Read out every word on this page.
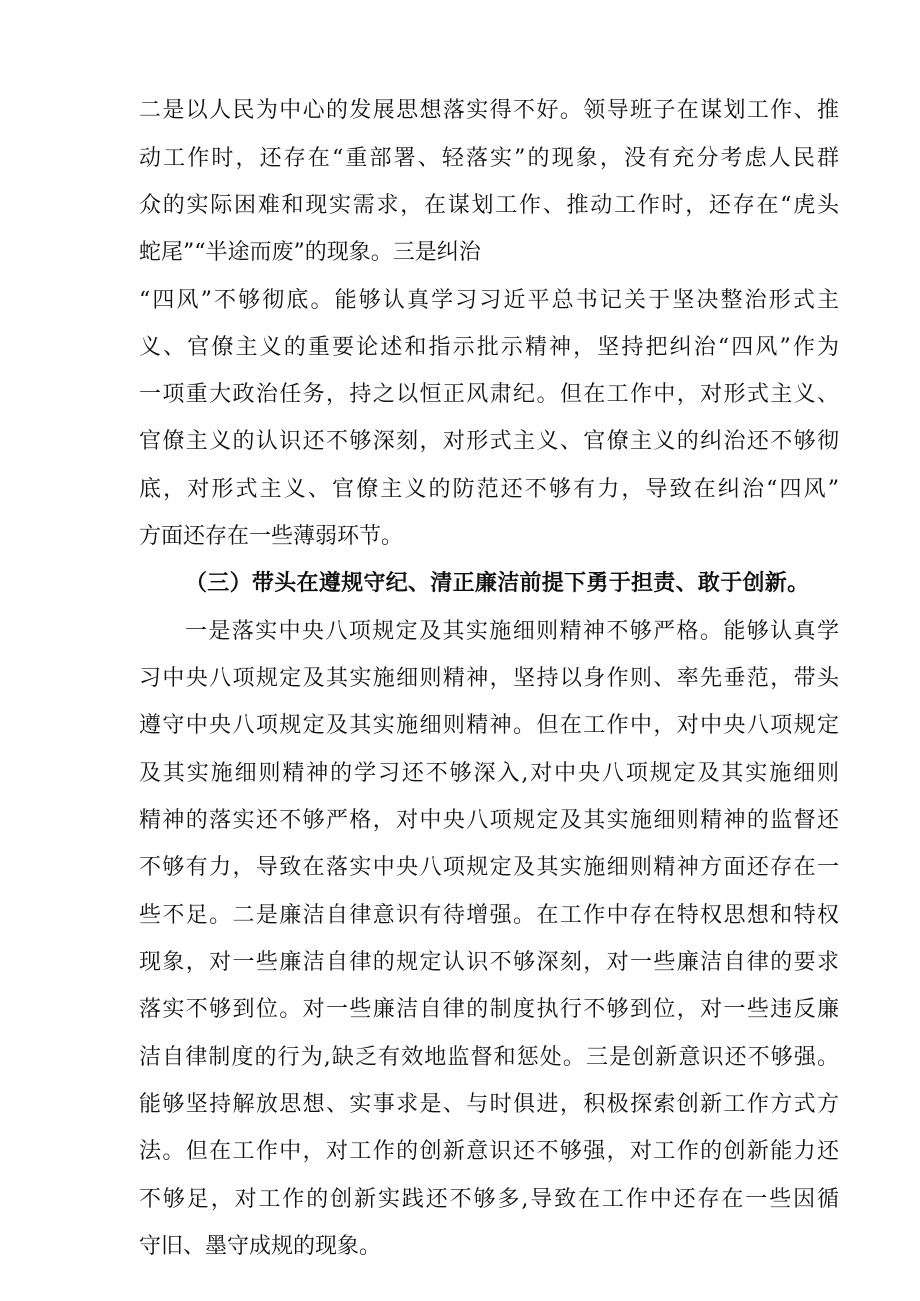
二是以人民为中心的发展思想落实得不好。领导班子在谋划工作、推
动工作时，还存在“重部署、轻落实”的现象，没有充分考虑人民群
众的实际困难和现实需求，在谋划工作、推动工作时，还存在“虎头
蛇尾”“半途而废”的现象。三是纠治
“四风”不够彻底。能够认真学习习近平总书记关于坚决整治形式主
义、官僚主义的重要论述和指示批示精神，坚持把纠治“四风”作为
一项重大政治任务，持之以恒正风肃纪。但在工作中，对形式主义、
官僚主义的认识还不够深刻，对形式主义、官僚主义的纠治还不够彻
底，对形式主义、官僚主义的防范还不够有力，导致在纠治“四风”
方面还存在一些薄弱环节。
（三）带头在遵规守纪、清正廉洁前提下勇于担责、敢于创新。
一是落实中央八项规定及其实施细则精神不够严格。能够认真学
习中央八项规定及其实施细则精神，坚持以身作则、率先垂范，带头
遵守中央八项规定及其实施细则精神。但在工作中，对中央八项规定
及其实施细则精神的学习还不够深入,对中央八项规定及其实施细则
精神的落实还不够严格，对中央八项规定及其实施细则精神的监督还
不够有力，导致在落实中央八项规定及其实施细则精神方面还存在一
些不足。二是廉洁自律意识有待增强。在工作中存在特权思想和特权
现象，对一些廉洁自律的规定认识不够深刻，对一些廉洁自律的要求
落实不够到位。对一些廉洁自律的制度执行不够到位，对一些违反廉
洁自律制度的行为,缺乏有效地监督和惩处。三是创新意识还不够强。
能够坚持解放思想、实事求是、与时俱进，积极探索创新工作方式方
法。但在工作中，对工作的创新意识还不够强，对工作的创新能力还
不够足，对工作的创新实践还不够多,导致在工作中还存在一些因循
守旧、墨守成规的现象。
